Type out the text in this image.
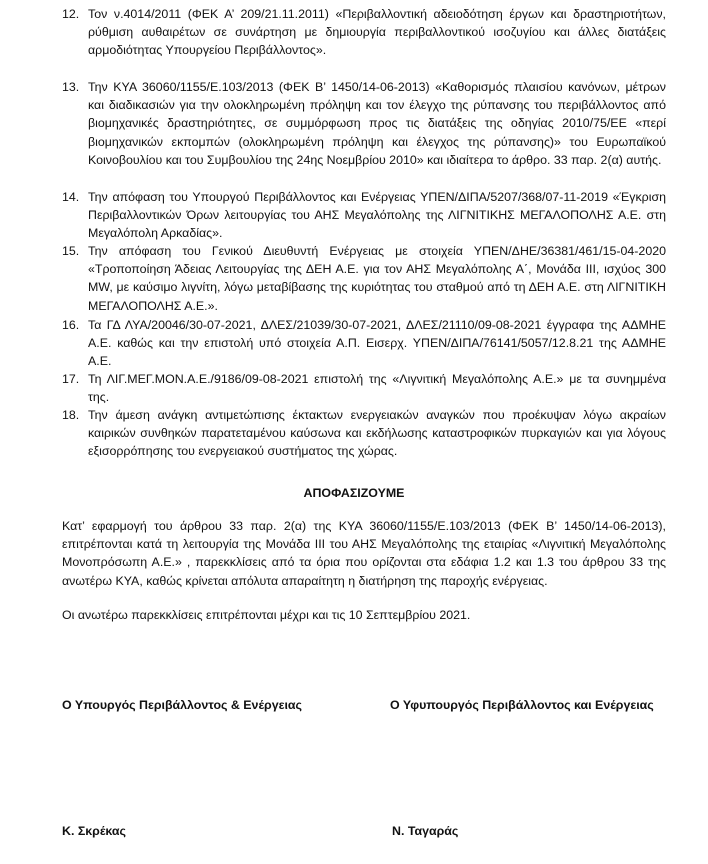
12. Τον ν.4014/2011 (ΦΕΚ Α’ 209/21.11.2011) «Περιβαλλοντική αδειοδότηση έργων και δραστηριοτήτων, ρύθμιση αυθαιρέτων σε συνάρτηση με δημιουργία περιβαλλοντικού ισοζυγίου και άλλες διατάξεις αρμοδιότητας Υπουργείου Περιβάλλοντος».
13. Την ΚΥΑ 36060/1155/Ε.103/2013 (ΦΕΚ Β’ 1450/14-06-2013) «Καθορισμός πλαισίου κανόνων, μέτρων και διαδικασιών για την ολοκληρωμένη πρόληψη και τον έλεγχο της ρύπανσης του περιβάλλοντος από βιομηχανικές δραστηριότητες, σε συμμόρφωση προς τις διατάξεις της οδηγίας 2010/75/ΕΕ «περί βιομηχανικών εκπομπών (ολοκληρωμένη πρόληψη και έλεγχος της ρύπανσης)» του Ευρωπαϊκού Κοινοβουλίου και του Συμβουλίου της 24ης Νοεμβρίου 2010» και ιδιαίτερα το άρθρο. 33 παρ. 2(α) αυτής.
14. Την απόφαση του Υπουργού Περιβάλλοντος και Ενέργειας ΥΠΕΝ/ΔΙΠΑ/5207/368/07-11-2019 «Έγκριση Περιβαλλοντικών Όρων λειτουργίας του ΑΗΣ Μεγαλόπολης της ΛΙΓΝΙΤΙΚΗΣ ΜΕΓΑΛΟΠΟΛΗΣ Α.Ε. στη Μεγαλόπολη Αρκαδίας».
15. Την απόφαση του Γενικού Διευθυντή Ενέργειας με στοιχεία ΥΠΕΝ/ΔΗΕ/36381/461/15-04-2020 «Τροποποίηση Άδειας Λειτουργίας της ΔΕΗ Α.Ε. για τον ΑΗΣ Μεγαλόπολης Α΄, Μονάδα ΙΙΙ, ισχύος 300 MW, με καύσιμο λιγνίτη, λόγω μεταβίβασης της κυριότητας του σταθμού από τη ΔΕΗ Α.Ε. στη ΛΙΓΝΙΤΙΚΗ ΜΕΓΑΛΟΠΟΛΗΣ Α.Ε.».
16. Τα ΓΔ ΛΥΑ/20046/30-07-2021, ΔΛΕΣ/21039/30-07-2021, ΔΛΕΣ/21110/09-08-2021 έγγραφα της ΑΔΜΗΕ Α.Ε. καθώς και την επιστολή υπό στοιχεία Α.Π. Εισερχ. ΥΠΕΝ/ΔΙΠΑ/76141/5057/12.8.21 της ΑΔΜΗΕ Α.Ε.
17. Τη ΛΙΓ.ΜΕΓ.ΜΟΝ.Α.Ε./9186/09-08-2021 επιστολή της «Λιγνιτική Μεγαλόπολης Α.Ε.» με τα συνημμένα της.
18. Την άμεση ανάγκη αντιμετώπισης έκτακτων ενεργειακών αναγκών που προέκυψαν λόγω ακραίων καιρικών συνθηκών παρατεταμένου καύσωνα και εκδήλωσης καταστροφικών πυρκαγιών και για λόγους εξισορρόπησης του ενεργειακού συστήματος της χώρας.
ΑΠΟΦΑΣΙΖΟΥΜΕ
Κατ’ εφαρμογή του άρθρου 33 παρ. 2(α) της ΚΥΑ 36060/1155/Ε.103/2013 (ΦΕΚ Β’ 1450/14-06-2013), επιτρέπονται κατά τη λειτουργία της Μονάδα ΙΙΙ του ΑΗΣ Μεγαλόπολης της εταιρίας «Λιγνιτική Μεγαλόπολης Μονοπρόσωπη Α.Ε.» , παρεκκλίσεις από τα όρια που ορίζονται στα εδάφια 1.2 και 1.3 του άρθρου 33 της ανωτέρω ΚΥΑ, καθώς κρίνεται απόλυτα απαραίτητη η διατήρηση της παροχής ενέργειας.
Οι ανωτέρω παρεκκλίσεις επιτρέπονται μέχρι και τις 10 Σεπτεμβρίου 2021.
Ο Υπουργός Περιβάλλοντος & Ενέργειας	Ο Υφυπουργός Περιβάλλοντος και Ενέργειας
Κ. Σκρέκας	Ν. Ταγαράς
